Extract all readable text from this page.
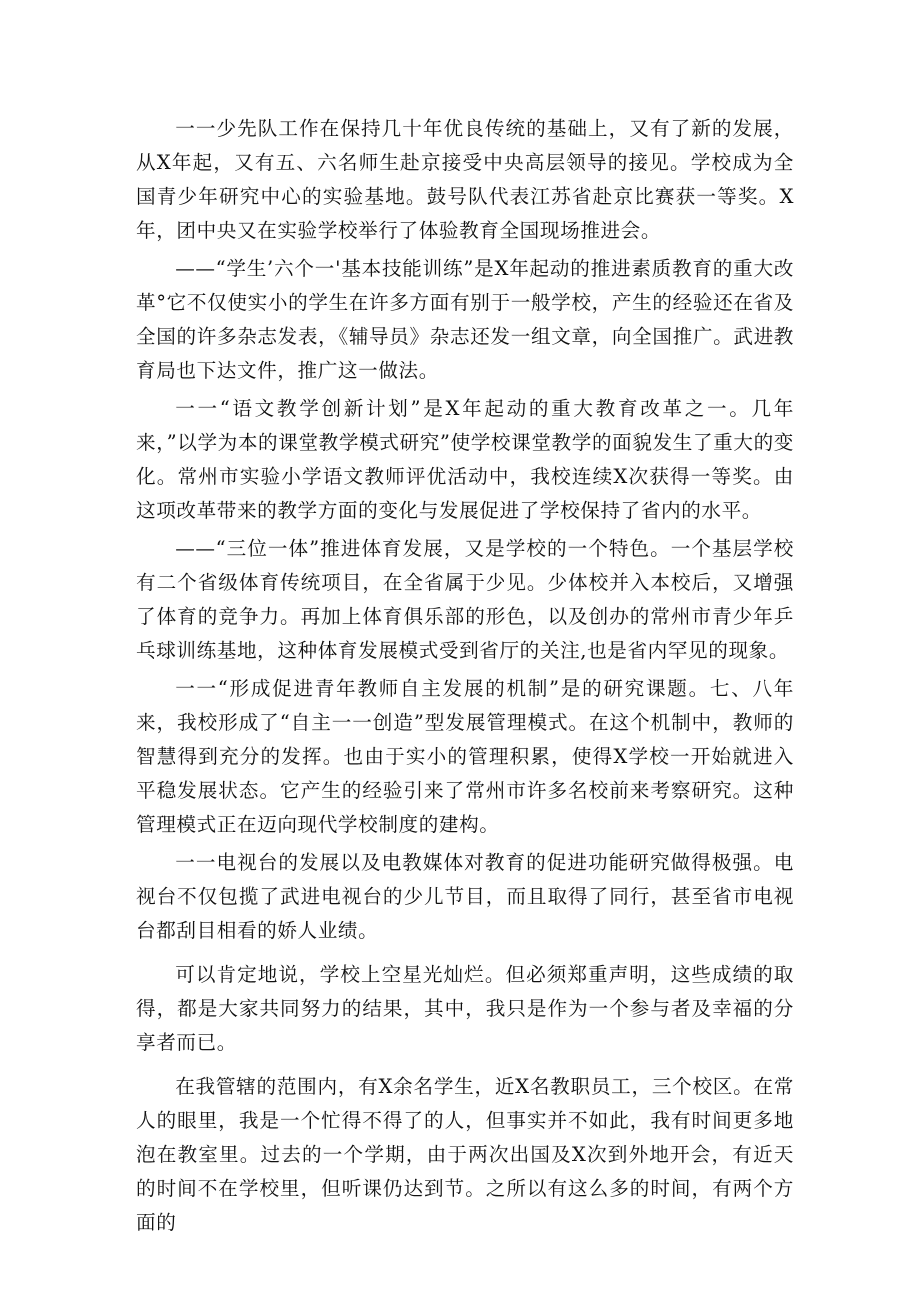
一一少先队工作在保持几十年优良传统的基础上，又有了新的发展，从X年起，又有五、六名师生赴京接受中央高层领导的接见。学校成为全国青少年研究中心的实验基地。鼓号队代表江苏省赴京比赛获一等奖。X年，团中央又在实验学校举行了体验教育全国现场推进会。

——“学生’六个一'基本技能训练”是X年起动的推进素质教育的重大改革°它不仅使实小的学生在许多方面有别于一般学校，产生的经验还在省及全国的许多杂志发表，《辅导员》杂志还发一组文章，向全国推广。武进教育局也下达文件，推广这一做法。

一一“语文教学创新计划”是X年起动的重大教育改革之一。几年来，”以学为本的课堂教学模式研究”使学校课堂教学的面貌发生了重大的变化。常州市实验小学语文教师评优活动中，我校连续X次获得一等奖。由这项改革带来的教学方面的变化与发展促进了学校保持了省内的水平。

——“三位一体”推进体育发展，又是学校的一个特色。一个基层学校有二个省级体育传统项目，在全省属于少见。少体校并入本校后，又增强了体育的竞争力。再加上体育俱乐部的形色，以及创办的常州市青少年乒乓球训练基地，这种体育发展模式受到省厅的关注,也是省内罕见的现象。

一一“形成促进青年教师自主发展的机制”是的研究课题。七、八年来，我校形成了“自主一一创造”型发展管理模式。在这个机制中，教师的智慧得到充分的发挥。也由于实小的管理积累，使得X学校一开始就进入平稳发展状态。它产生的经验引来了常州市许多名校前来考察研究。这种管理模式正在迈向现代学校制度的建构。

一一电视台的发展以及电教媒体对教育的促进功能研究做得极强。电视台不仅包揽了武进电视台的少儿节目，而且取得了同行，甚至省市电视台都刮目相看的娇人业绩。

可以肯定地说，学校上空星光灿烂。但必须郑重声明，这些成绩的取得，都是大家共同努力的结果，其中，我只是作为一个参与者及幸福的分享者而已。

在我管辖的范围内，有X余名学生，近X名教职员工，三个校区。在常人的眼里，我是一个忙得不得了的人，但事实并不如此，我有时间更多地泡在教室里。过去的一个学期，由于两次出国及X次到外地开会，有近天的时间不在学校里，但听课仍达到节。之所以有这么多的时间，有两个方面的
